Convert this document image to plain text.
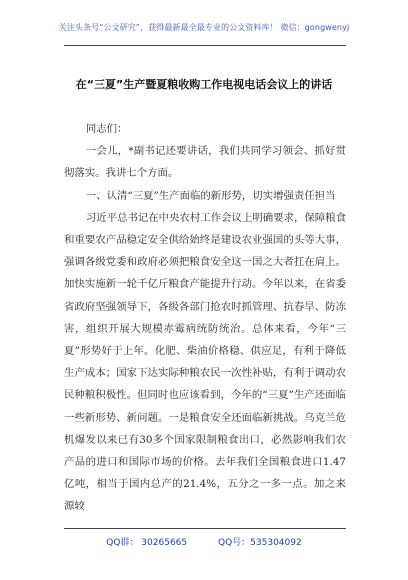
关注头条号“公文研究”，获得最新最全最专业的公文资料库！ 微信：gongwenyj
在“三夏”生产暨夏粮收购工作电视电话会议上的讲话

同志们：

一会儿，*副书记还要讲话，我们共同学习领会、抓好贯彻落实。我讲七个方面。

一、认清“三夏”生产面临的新形势，切实增强责任担当

习近平总书记在中央农村工作会议上明确要求，保障粮食和重要农产品稳定安全供给始终是建设农业强国的头等大事，强调各级党委和政府必须把粮食安全这一国之大者扛在肩上。加快实施新一轮千亿斤粮食产能提升行动。今年以来，在省委省政府坚强领导下，各级各部门抢农时抓管理、抗春旱、防冻害，组织开展大规模赤霉病统防统治。总体来看，今年“三夏”形势好于上年。化肥、柴油价格稳、供应足，有利于降低生产成本；国家下达实际种粮农民一次性补贴，有利于调动农民种粮积极性。但同时也应该看到，今年的“三夏”生产还面临一些新形势、新问题。一是粮食安全还面临新挑战。乌克兰危机爆发以来已有30多个国家限制粮食出口，必然影响我们农产品的进口和国际市场的价格。去年我们全国粮食进口1.47亿吨，相当于国内总产的21.4%，五分之一多一点。加之来源较

QQ群： 30265665	QQ号：535304092
